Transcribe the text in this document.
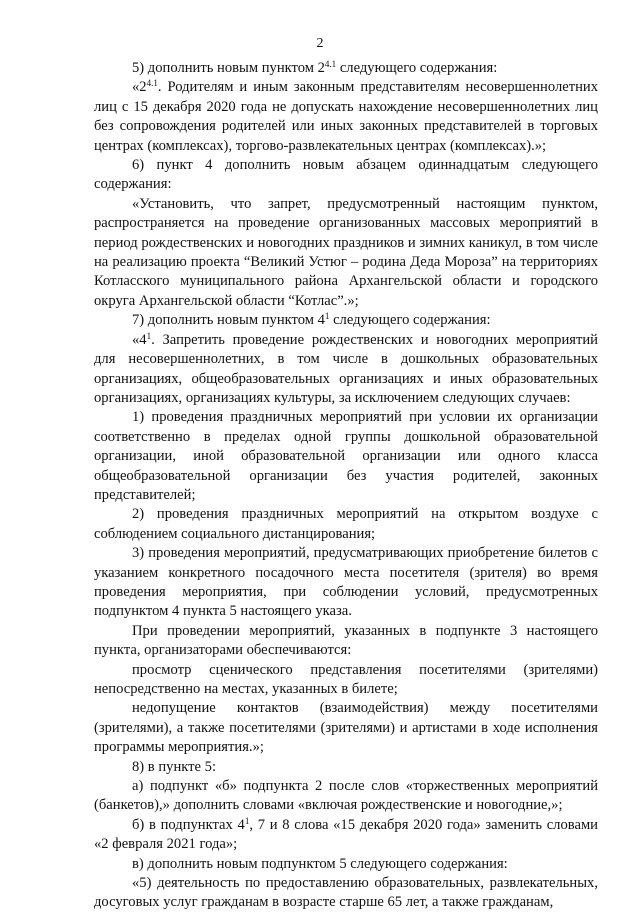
2

5) дополнить новым пунктом $2^{4.1}$ следующего содержания:

«$2^{4.1}$. Родителям и иным законным представителям несовершеннолетних лиц с 15 декабря 2020 года не допускать нахождение несовершеннолетних лиц без сопровождения родителей или иных законных представителей в торговых центрах (комплексах), торгово-развлекательных центрах (комплексах).»;

6) пункт 4 дополнить новым абзацем одиннадцатым следующего содержания:

«Установить, что запрет, предусмотренный настоящим пунктом, распространяется на проведение организованных массовых мероприятий в период рождественских и новогодних праздников и зимних каникул, в том числе на реализацию проекта “Великий Устюг – родина Деда Мороза” на территориях Котласского муниципального района Архангельской области и городского округа Архангельской области “Котлас”.»;

7) дополнить новым пунктом $4^1$ следующего содержания:

«$4^1$. Запретить проведение рождественских и новогодних мероприятий для несовершеннолетних, в том числе в дошкольных образовательных организациях, общеобразовательных организациях и иных образовательных организациях, организациях культуры, за исключением следующих случаев:

1) проведения праздничных мероприятий при условии их организации соответственно в пределах одной группы дошкольной образовательной организации, иной образовательной организации или одного класса общеобразовательной организации без участия родителей, законных представителей;

2) проведения праздничных мероприятий на открытом воздухе с соблюдением социального дистанцирования;

3) проведения мероприятий, предусматривающих приобретение билетов с указанием конкретного посадочного места посетителя (зрителя) во время проведения мероприятия, при соблюдении условий, предусмотренных подпунктом 4 пункта 5 настоящего указа.

При проведении мероприятий, указанных в подпункте 3 настоящего пункта, организаторами обеспечиваются:

просмотр сценического представления посетителями (зрителями) непосредственно на местах, указанных в билете;

недопущение контактов (взаимодействия) между посетителями (зрителями), а также посетителями (зрителями) и артистами в ходе исполнения программы мероприятия.»;

8) в пункте 5:

а) подпункт «б» подпункта 2 после слов «торжественных мероприятий (банкетов),» дополнить словами «включая рождественские и новогодние,»;

б) в подпунктах $4^1$, 7 и 8 слова «15 декабря 2020 года» заменить словами «2 февраля 2021 года»;

в) дополнить новым подпунктом 5 следующего содержания:

«5) деятельность по предоставлению образовательных, развлекательных, досуговых услуг гражданам в возрасте старше 65 лет, а также гражданам,
